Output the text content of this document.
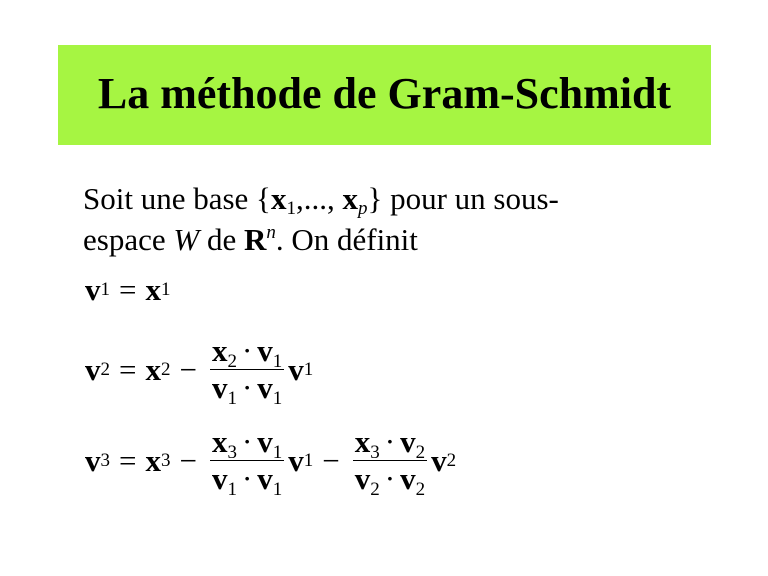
La méthode de Gram-Schmidt
Soit une base {$x_1$,..., $x_p$} pour un sous-
espace W de $R^n$. On définit
v 1 = x 1
v 2 = x $2 - \frac{x_2 \cdot v_1}{v_1 \cdot v_1}$ v 1
v 3 = x $3 - \frac{x_3 \cdot v_1}{v_1 \cdot v_1}$ v $1 - \frac{x_3 \cdot v_2}{v_2 \cdot v_2}$ v 2
